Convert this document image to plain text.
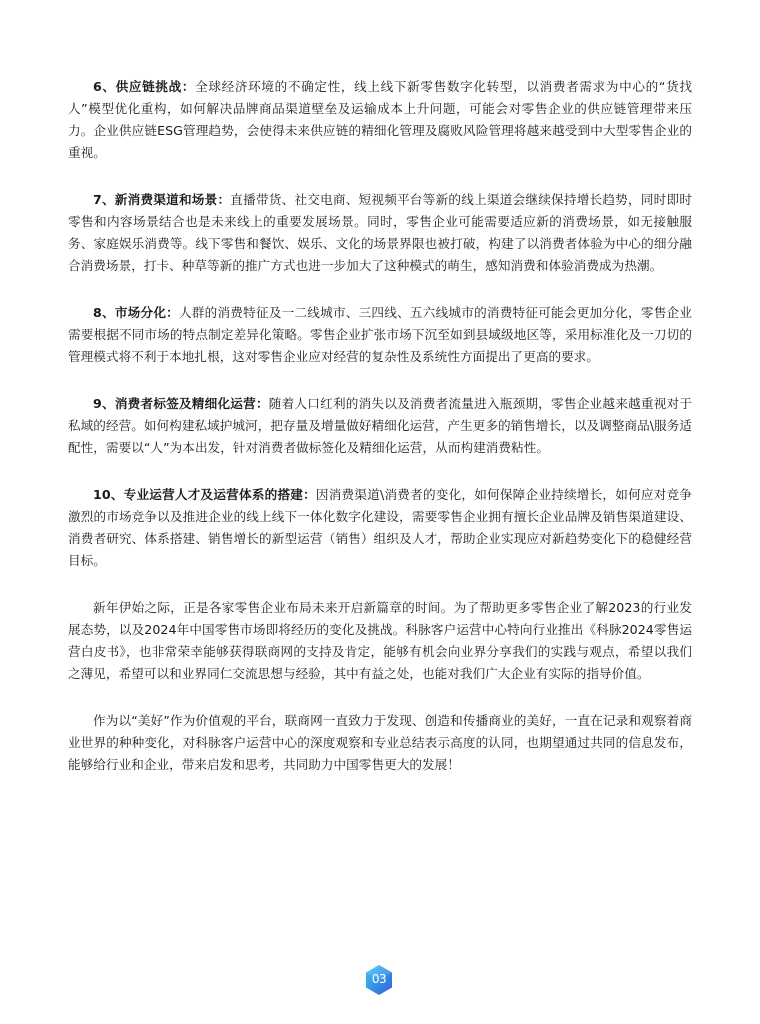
6、供应链挑战：全球经济环境的不确定性，线上线下新零售数字化转型，以消费者需求为中心的“货找人”模型优化重构，如何解决品牌商品渠道壁垒及运输成本上升问题，可能会对零售企业的供应链管理带来压力。企业供应链ESG管理趋势，会使得未来供应链的精细化管理及腐败风险管理将越来越受到中大型零售企业的重视。

7、新消费渠道和场景：直播带货、社交电商、短视频平台等新的线上渠道会继续保持增长趋势，同时即时零售和内容场景结合也是未来线上的重要发展场景。同时，零售企业可能需要适应新的消费场景，如无接触服务、家庭娱乐消费等。线下零售和餐饮、娱乐、文化的场景界限也被打破，构建了以消费者体验为中心的细分融合消费场景，打卡、种草等新的推广方式也进一步加大了这种模式的萌生，感知消费和体验消费成为热潮。

8、市场分化：人群的消费特征及一二线城市、三四线、五六线城市的消费特征可能会更加分化，零售企业需要根据不同市场的特点制定差异化策略。零售企业扩张市场下沉至如到县域级地区等，采用标准化及一刀切的管理模式将不利于本地扎根，这对零售企业应对经营的复杂性及系统性方面提出了更高的要求。

9、消费者标签及精细化运营：随着人口红利的消失以及消费者流量进入瓶颈期，零售企业越来越重视对于私域的经营。如何构建私域护城河，把存量及增量做好精细化运营，产生更多的销售增长，以及调整商品\服务适配性，需要以“人”为本出发，针对消费者做标签化及精细化运营，从而构建消费粘性。

10、专业运营人才及运营体系的搭建：因消费渠道\消费者的变化，如何保障企业持续增长，如何应对竞争激烈的市场竞争以及推进企业的线上线下一体化数字化建设，需要零售企业拥有擅长企业品牌及销售渠道建设、消费者研究、体系搭建、销售增长的新型运营（销售）组织及人才，帮助企业实现应对新趋势变化下的稳健经营目标。

新年伊始之际，正是各家零售企业布局未来开启新篇章的时间。为了帮助更多零售企业了解2023的行业发展态势，以及2024年中国零售市场即将经历的变化及挑战。科脉客户运营中心特向行业推出《科脉2024零售运营白皮书》，也非常荣幸能够获得联商网的支持及肯定，能够有机会向业界分享我们的实践与观点，希望以我们之薄见，希望可以和业界同仁交流思想与经验，其中有益之处，也能对我们广大企业有实际的指导价值。

作为以“美好”作为价值观的平台，联商网一直致力于发现、创造和传播商业的美好，一直在记录和观察着商业世界的种种变化，对科脉客户运营中心的深度观察和专业总结表示高度的认同，也期望通过共同的信息发布，能够给行业和企业，带来启发和思考，共同助力中国零售更大的发展！

03
